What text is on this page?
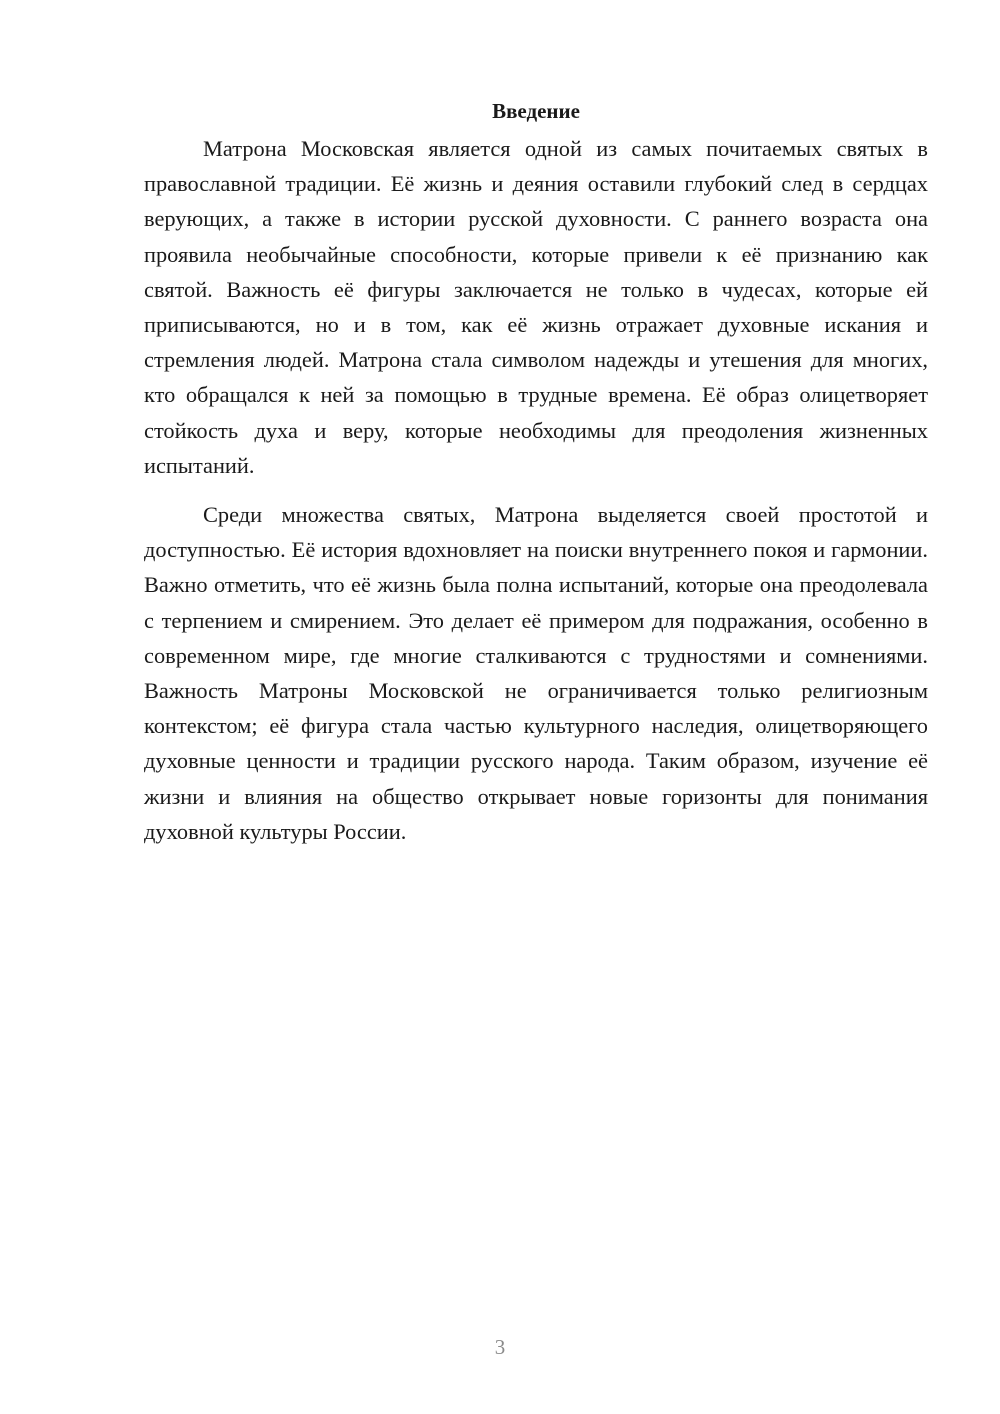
Введение

Матрона Московская является одной из самых почитаемых святых в православной традиции. Её жизнь и деяния оставили глубокий след в сердцах верующих, а также в истории русской духовности. С раннего возраста она проявила необычайные способности, которые привели к её признанию как святой. Важность её фигуры заключается не только в чудесах, которые ей приписываются, но и в том, как её жизнь отражает духовные искания и стремления людей. Матрона стала символом надежды и утешения для многих, кто обращался к ней за помощью в трудные времена. Её образ олицетворяет стойкость духа и веру, которые необходимы для преодоления жизненных испытаний.

Среди множества святых, Матрона выделяется своей простотой и доступностью. Её история вдохновляет на поиски внутреннего покоя и гармонии. Важно отметить, что её жизнь была полна испытаний, которые она преодолевала с терпением и смирением. Это делает её примером для подражания, особенно в современном мире, где многие сталкиваются с трудностями и сомнениями. Важность Матроны Московской не ограничивается только религиозным контекстом; её фигура стала частью культурного наследия, олицетворяющего духовные ценности и традиции русского народа. Таким образом, изучение её жизни и влияния на общество открывает новые горизонты для понимания духовной культуры России.

3
